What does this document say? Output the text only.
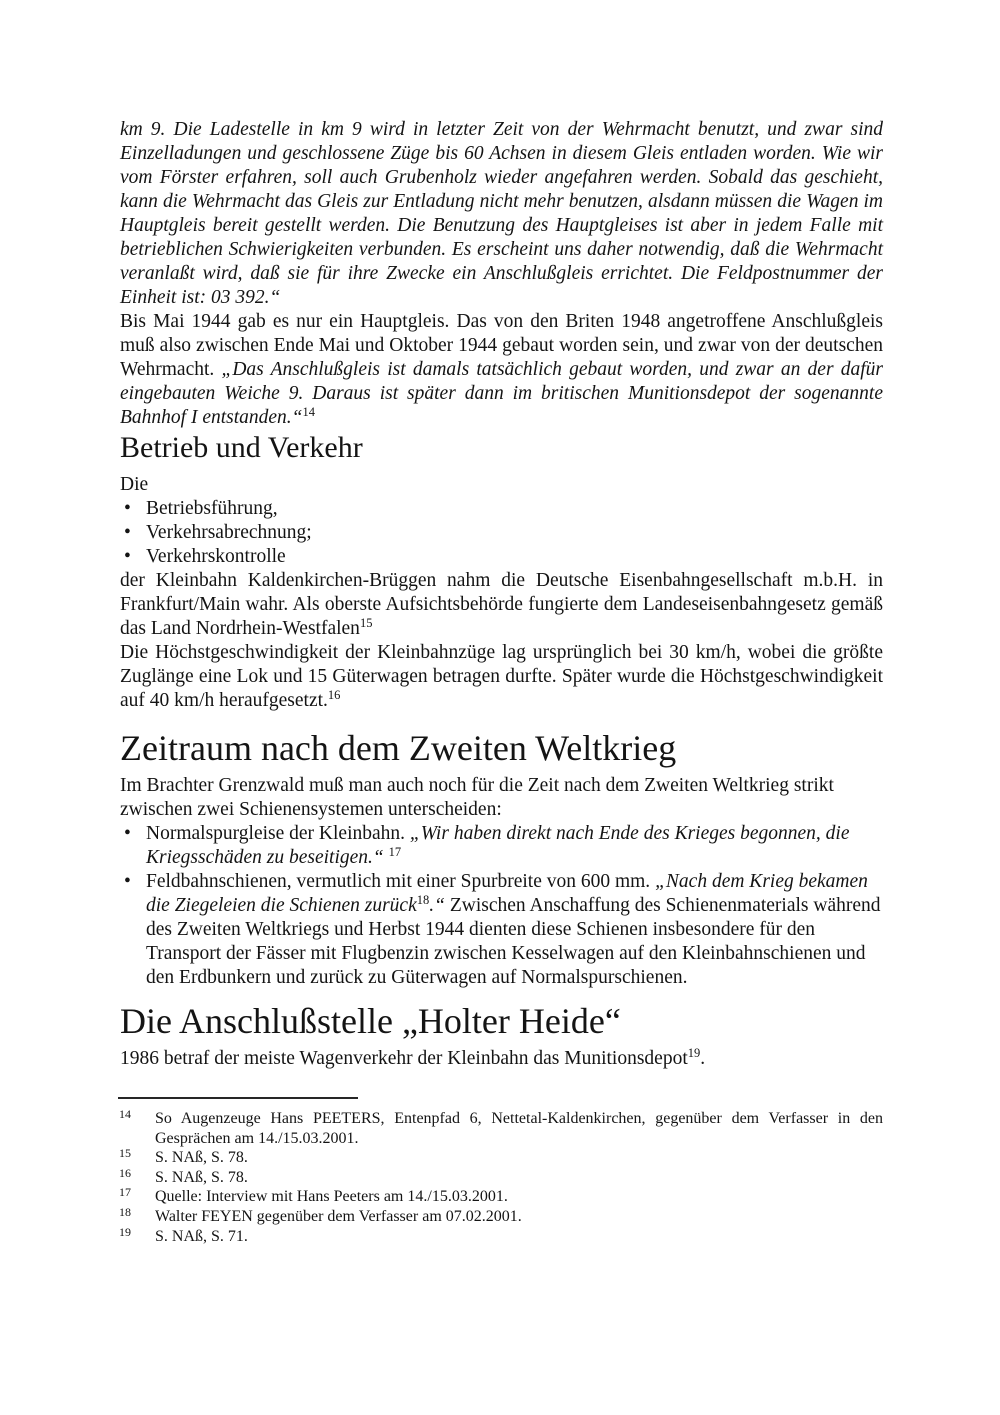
km 9. Die Ladestelle in km 9 wird in letzter Zeit von der Wehrmacht benutzt, und zwar sind Einzelladungen und geschlossene Züge bis 60 Achsen in diesem Gleis entladen worden. Wie wir vom Förster erfahren, soll auch Grubenholz wieder angefahren werden. Sobald das geschieht, kann die Wehrmacht das Gleis zur Entladung nicht mehr benutzen, alsdann müssen die Wagen im Hauptgleis bereit gestellt werden. Die Benutzung des Hauptgleises ist aber in jedem Falle mit betrieblichen Schwierigkeiten verbunden. Es erscheint uns daher notwendig, daß die Wehrmacht veranlaßt wird, daß sie für ihre Zwecke ein Anschlußgleis errichtet. Die Feldpostnummer der Einheit ist: 03 392.“

Bis Mai 1944 gab es nur ein Hauptgleis. Das von den Briten 1948 angetroffene Anschlußgleis muß also zwischen Ende Mai und Oktober 1944 gebaut worden sein, und zwar von der deutschen Wehrmacht. „Das Anschlußgleis ist damals tatsächlich gebaut worden, und zwar an der dafür eingebauten Weiche 9. Daraus ist später dann im britischen Munitionsdepot der sogenannte Bahnhof I entstanden.“$^{14}$

Betrieb und Verkehr

Die

• Betriebsführung,
• Verkehrsabrechnung;
• Verkehrskontrolle

der Kleinbahn Kaldenkirchen-Brüggen nahm die Deutsche Eisenbahngesellschaft m.b.H. in Frankfurt/Main wahr. Als oberste Aufsichtsbehörde fungierte dem Landeseisenbahngesetz gemäß das Land Nordrhein-Westfalen$^{15}$

Die Höchstgeschwindigkeit der Kleinbahnzüge lag ursprünglich bei 30 km/h, wobei die größte Zuglänge eine Lok und 15 Güterwagen betragen durfte. Später wurde die Höchstgeschwindigkeit auf 40 km/h heraufgesetzt.$^{16}$

Zeitraum nach dem Zweiten Weltkrieg

Im Brachter Grenzwald muß man auch noch für die Zeit nach dem Zweiten Weltkrieg strikt zwischen zwei Schienensystemen unterscheiden:

• Normalspurgleise der Kleinbahn. „Wir haben direkt nach Ende des Krieges begonnen, die Kriegsschäden zu beseitigen.“ $^{17}$
• Feldbahnschienen, vermutlich mit einer Spurbreite von 600 mm. „Nach dem Krieg bekamen die Ziegeleien die Schienen zurück$^{18}$.“ Zwischen Anschaffung des Schienenmaterials während des Zweiten Weltkriegs und Herbst 1944 dienten diese Schienen insbesondere für den Transport der Fässer mit Flugbenzin zwischen Kesselwagen auf den Kleinbahnschienen und den Erdbunkern und zurück zu Güterwagen auf Normalspurschienen.
Die Anschlußstelle „Holter Heide“

1986 betraf der meiste Wagenverkehr der Kleinbahn das Munitionsdepot$^{19}$.

14 So Augenzeuge Hans PEETERS, Entenpfad 6, Nettetal-Kaldenkirchen, gegenüber dem Verfasser in den Gesprächen am 14./15.03.2001.
15 S. NAß, S. 78.
16 S. NAß, S. 78.
17 Quelle: Interview mit Hans Peeters am 14./15.03.2001.
18 Walter FEYEN gegenüber dem Verfasser am 07.02.2001.
19 S. NAß, S. 71.
